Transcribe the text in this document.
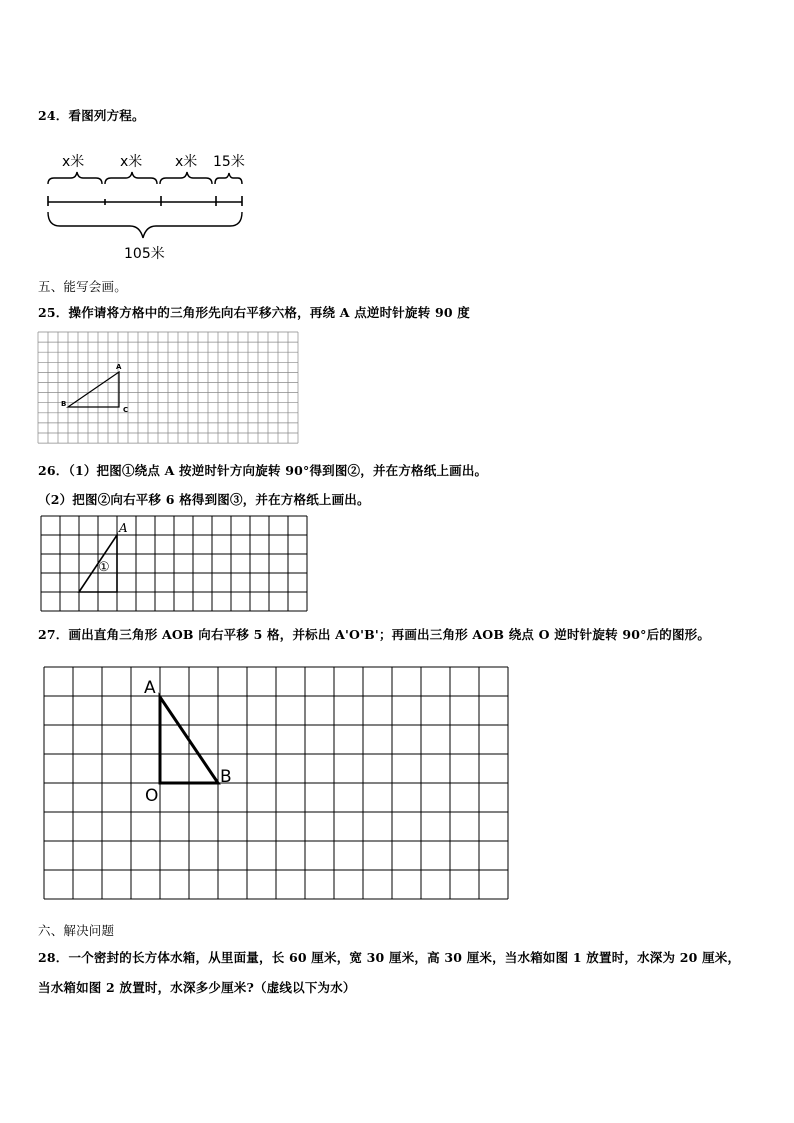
24．看图列方程。
x米	x米 x米 15米
105米
五、能写会画。
25．操作请将方格中的三角形先向右平移六格，再绕 A 点逆时针旋转 90 度
A
B
C
26．（1）把图①绕点 A 按逆时针方向旋转 90°得到图②，并在方格纸上画出。
（2）把图②向右平移 6 格得到图③，并在方格纸上画出。
A
①
27．画出直角三角形 AOB 向右平移 5 格，并标出 A'O'B'；再画出三角形 AOB 绕点 O 逆时针旋转 90°后的图形。
A
O
B
六、解决问题
28．一个密封的长方体水箱，从里面量，长 60 厘米，宽 30 厘米，高 30 厘米，当水箱如图 1 放置时，水深为 20 厘米，
当水箱如图 2 放置时，水深多少厘米?（虚线以下为水）
